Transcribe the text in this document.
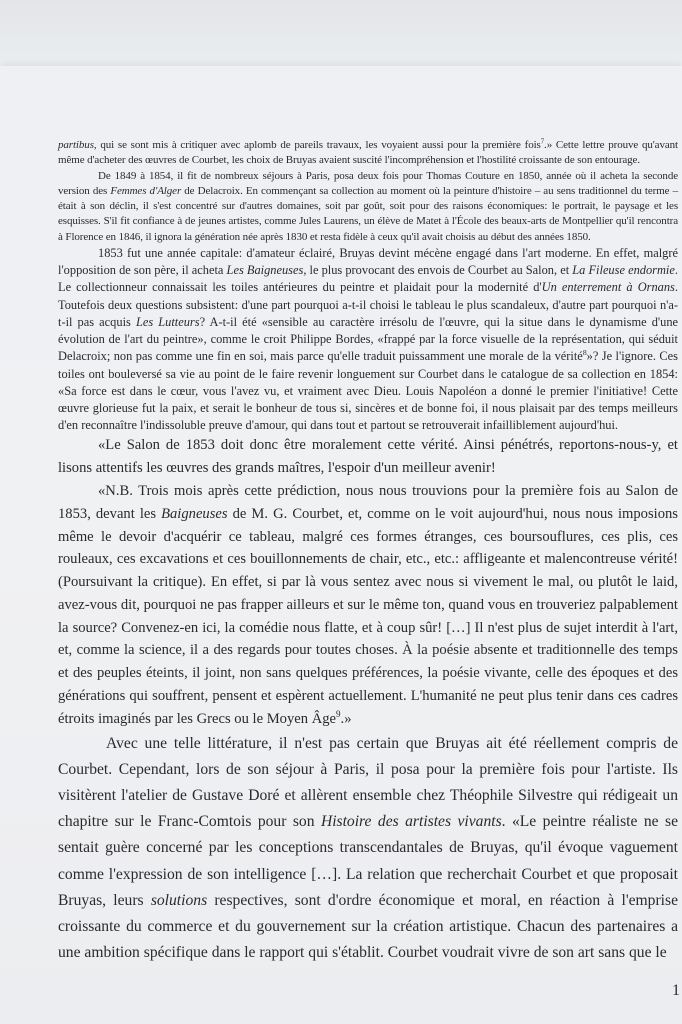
partibus, qui se sont mis à critiquer avec aplomb de pareils travaux, les voyaient aussi pour la première fois$^7$.» Cette lettre prouve qu'avant même d'acheter des œuvres de Courbet, les choix de Bruyas avaient suscité l'incompréhension et l'hostilité croissante de son entourage.

De 1849 à 1854, il fit de nombreux séjours à Paris, posa deux fois pour Thomas Couture en 1850, année où il acheta la seconde version des Femmes d'Alger de Delacroix. En commençant sa collection au moment où la peinture d'histoire – au sens traditionnel du terme – était à son déclin, il s'est concentré sur d'autres domaines, soit par goût, soit pour des raisons économiques: le portrait, le paysage et les esquisses. S'il fit confiance à de jeunes artistes, comme Jules Laurens, un élève de Matet à l'École des beaux-arts de Montpellier qu'il rencontra à Florence en 1846, il ignora la génération née après 1830 et resta fidèle à ceux qu'il avait choisis au début des années 1850.

1853 fut une année capitale: d'amateur éclairé, Bruyas devint mécène engagé dans l'art moderne. En effet, malgré l'opposition de son père, il acheta Les Baigneuses, le plus provocant des envois de Courbet au Salon, et La Fileuse endormie. Le collectionneur connaissait les toiles antérieures du peintre et plaidait pour la modernité d'Un enterrement à Ornans. Toutefois deux questions subsistent: d'une part pourquoi a-t-il choisi le tableau le plus scandaleux, d'autre part pourquoi n'a-t-il pas acquis Les Lutteurs? A-t-il été «sensible au caractère irrésolu de l'œuvre, qui la situe dans le dynamisme d'une évolution de l'art du peintre», comme le croit Philippe Bordes, «frappé par la force visuelle de la représentation, qui séduit Delacroix; non pas comme une fin en soi, mais parce qu'elle traduit puissamment une morale de la vérité$^8$»? Je l'ignore. Ces toiles ont bouleversé sa vie au point de le faire revenir longuement sur Courbet dans le catalogue de sa collection en 1854: «Sa force est dans le cœur, vous l'avez vu, et vraiment avec Dieu. Louis Napoléon a donné le premier l'initiative! Cette œuvre glorieuse fut la paix, et serait le bonheur de tous si, sincères et de bonne foi, il nous plaisait par des temps meilleurs d'en reconnaître l'indissoluble preuve d'amour, qui dans tout et partout se retrouverait infailliblement aujourd'hui.

«Le Salon de 1853 doit donc être moralement cette vérité. Ainsi pénétrés, reportons-nous-y, et lisons attentifs les œuvres des grands maîtres, l'espoir d'un meilleur avenir!

«N.B. Trois mois après cette prédiction, nous nous trouvions pour la première fois au Salon de 1853, devant les Baigneuses de M. G. Courbet, et, comme on le voit aujourd'hui, nous nous imposions même le devoir d'acquérir ce tableau, malgré ces formes étranges, ces boursouflures, ces plis, ces rouleaux, ces excavations et ces bouillonnements de chair, etc., etc.: affligeante et malencontreuse vérité! (Poursuivant la critique). En effet, si par là vous sentez avec nous si vivement le mal, ou plutôt le laid, avez-vous dit, pourquoi ne pas frapper ailleurs et sur le même ton, quand vous en trouveriez palpablement la source? Convenez-en ici, la comédie nous flatte, et à coup sûr! […] Il n'est plus de sujet interdit à l'art, et, comme la science, il a des regards pour toutes choses. À la poésie absente et traditionnelle des temps et des peuples éteints, il joint, non sans quelques préférences, la poésie vivante, celle des époques et des générations qui souffrent, pensent et espèrent actuellement. L'humanité ne peut plus tenir dans ces cadres étroits imaginés par les Grecs ou le Moyen Âge$^9$.»

Avec une telle littérature, il n'est pas certain que Bruyas ait été réellement compris de Courbet. Cependant, lors de son séjour à Paris, il posa pour la première fois pour l'artiste. Ils visitèrent l'atelier de Gustave Doré et allèrent ensemble chez Théophile Silvestre qui rédigeait un chapitre sur le Franc-Comtois pour son Histoire des artistes vivants. «Le peintre réaliste ne se sentait guère concerné par les conceptions transcendantales de Bruyas, qu'il évoque vaguement comme l'expression de son intelligence […]. La relation que recherchait Courbet et que proposait Bruyas, leurs solutions respectives, sont d'ordre économique et moral, en réaction à l'emprise croissante du commerce et du gouvernement sur la création artistique. Chacun des partenaires a une ambition spécifique dans le rapport qui s'établit. Courbet voudrait vivre de son art sans que le

1
